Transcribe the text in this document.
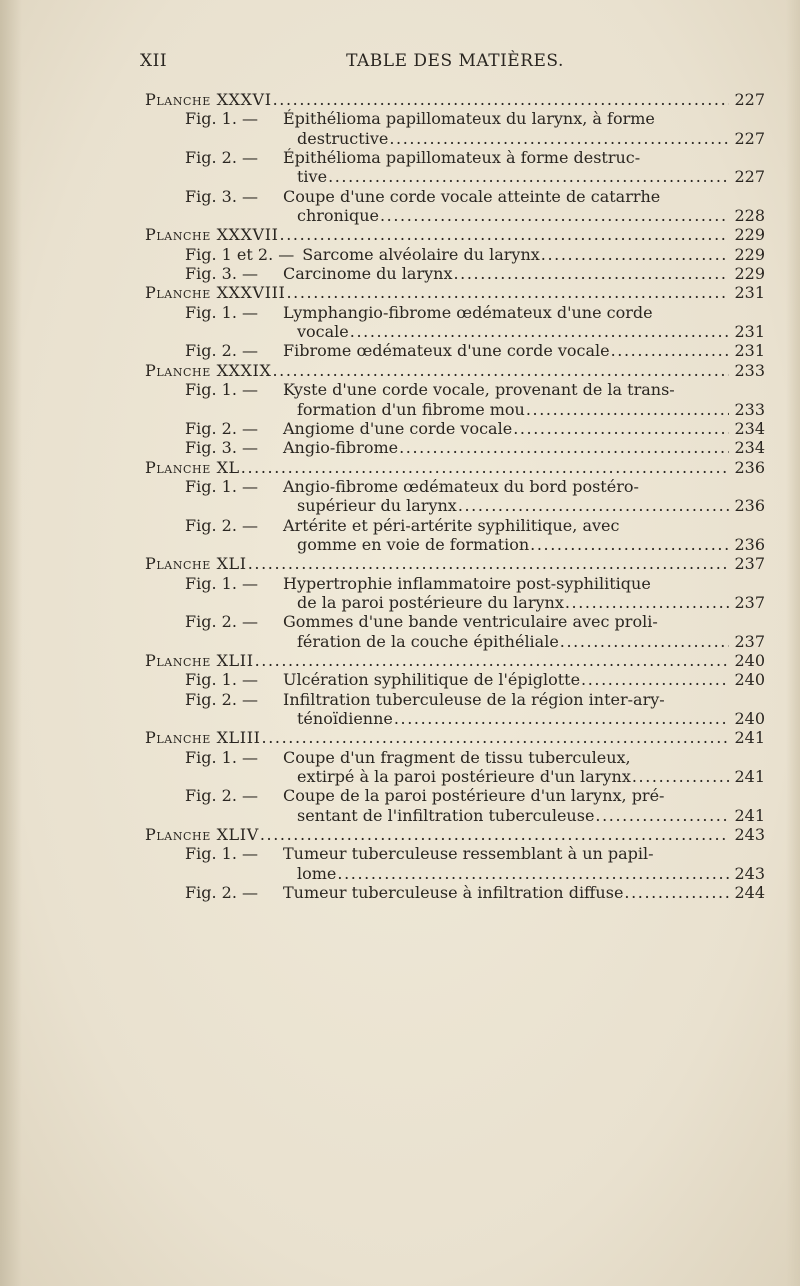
XII	TABLE DES MATIÈRES.
Planche XXXVI .....	227
Fig. 1. — Épithélioma papillomateux du larynx, à forme
destructive .....	227
Fig. 2. — Épithélioma papillomateux à forme destruc-
tive .....	227
Fig. 3. — Coupe d'une corde vocale atteinte de catarrhe
chronique .....	228
Planche XXXVII .....	229
Fig. 1 et 2. — Sarcome alvéolaire du larynx .....	229
Fig. 3. — Carcinome du larynx .....	229
Planche XXXVIII .....	231
Fig. 1. — Lymphangio-fibrome œdémateux d'une corde
vocale .....	231
Fig. 2. — Fibrome œdémateux d'une corde vocale .....	231
Planche XXXIX .....	233
Fig. 1. — Kyste d'une corde vocale, provenant de la trans-
formation d'un fibrome mou .....	233
Fig. 2. — Angiome d'une corde vocale .....	234
Fig. 3. — Angio-fibrome .....	234
Planche XL .....	236
Fig. 1. — Angio-fibrome œdémateux du bord postéro-
supérieur du larynx .....	236
Fig. 2. — Artérite et péri-artérite syphilitique, avec
gomme en voie de formation .....	236
Planche XLI .....	237
Fig. 1. — Hypertrophie inflammatoire post-syphilitique
de la paroi postérieure du larynx .....	237
Fig. 2. — Gommes d'une bande ventriculaire avec proli-
fération de la couche épithéliale .....	237
Planche XLII .....	240
Fig. 1. — Ulcération syphilitique de l'épiglotte .....	240
Fig. 2. — Infiltration tuberculeuse de la région inter-ary-
ténoïdienne .....	240
Planche XLIII .....	241
Fig. 1. — Coupe d'un fragment de tissu tuberculeux,
extirpé à la paroi postérieure d'un larynx .....	241
Fig. 2. — Coupe de la paroi postérieure d'un larynx, pré-
sentant de l'infiltration tuberculeuse .....	241
Planche XLIV .....	243
Fig. 1. — Tumeur tuberculeuse ressemblant à un papil-
lome .....	243
Fig. 2. — Tumeur tuberculeuse à infiltration diffuse .....	244
